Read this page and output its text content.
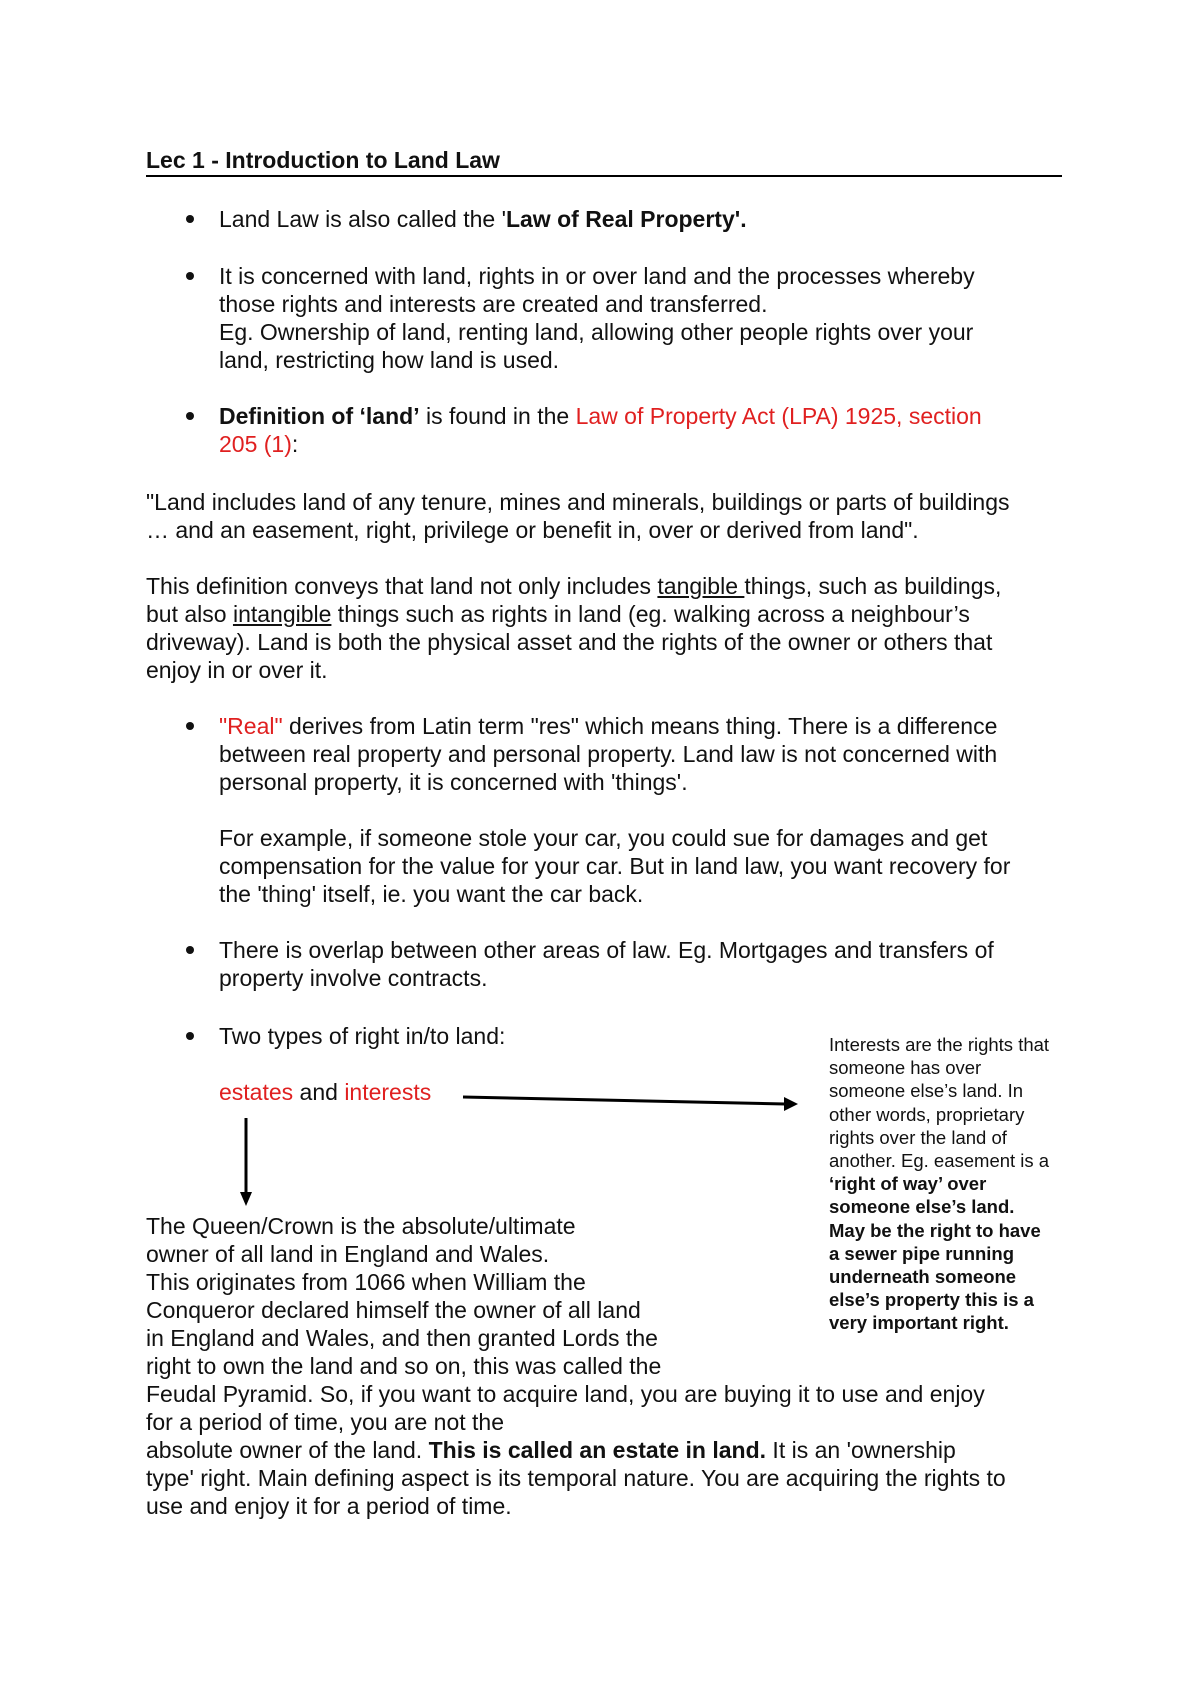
Lec 1 - Introduction to Land Law
Land Law is also called the 'Law of Real Property'.
It is concerned with land, rights in or over land and the processes whereby
those rights and interests are created and transferred.
Eg. Ownership of land, renting land, allowing other people rights over your
land, restricting how land is used.
Definition of ‘land’ is found in the Law of Property Act (LPA) 1925, section
205 (1):
"Land includes land of any tenure, mines and minerals, buildings or parts of buildings
… and an easement, right, privilege or benefit in, over or derived from land".
This definition conveys that land not only includes tangible things, such as buildings,
but also intangible things such as rights in land (eg. walking across a neighbour’s
driveway). Land is both the physical asset and the rights of the owner or others that
enjoy in or over it.
"Real" derives from Latin term "res" which means thing. There is a difference
between real property and personal property. Land law is not concerned with
personal property, it is concerned with 'things'.
For example, if someone stole your car, you could sue for damages and get
compensation for the value for your car. But in land law, you want recovery for
the 'thing' itself, ie. you want the car back.
There is overlap between other areas of law. Eg. Mortgages and transfers of
property involve contracts.
Two types of right in/to land:
estates and interests
Interests are the rights that
someone has over
someone else’s land. In
other words, proprietary
rights over the land of
another. Eg. easement is a
‘right of way’ over
someone else’s land.
May be the right to have
a sewer pipe running
underneath someone
else’s property this is a
very important right.
The Queen/Crown is the absolute/ultimate
owner of all land in England and Wales.
This originates from 1066 when William the
Conqueror declared himself the owner of all land
in England and Wales, and then granted Lords the
right to own the land and so on, this was called the
Feudal Pyramid. So, if you want to acquire land, you are buying it to use and enjoy
for a period of time, you are not the
absolute owner of the land. This is called an estate in land. It is an 'ownership
type' right. Main defining aspect is its temporal nature. You are acquiring the rights to
use and enjoy it for a period of time.
